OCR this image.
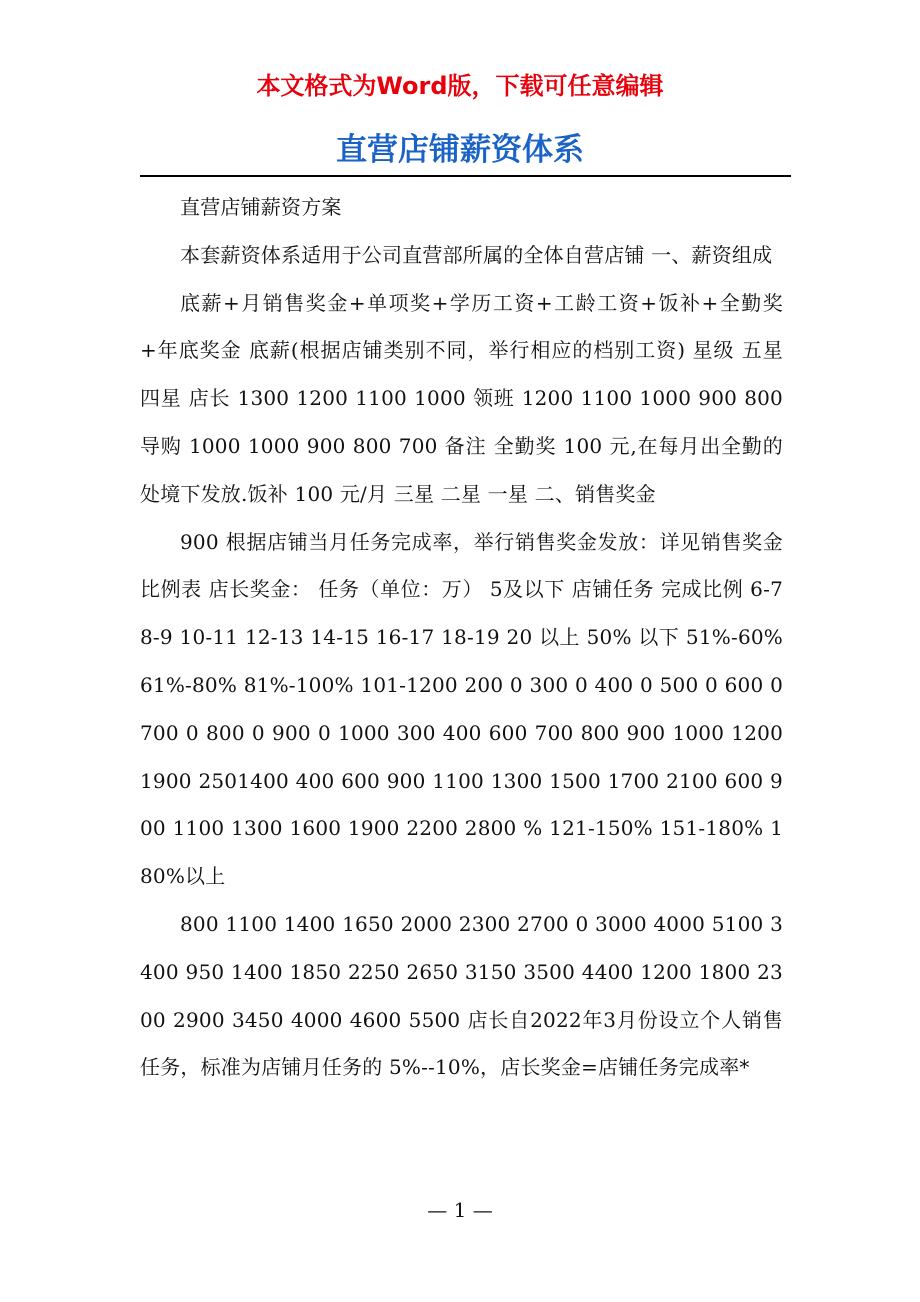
本文格式为Word版，下载可任意编辑
直营店铺薪资体系

直营店铺薪资方案

本套薪资体系适用于公司直营部所属的全体自营店铺 一、薪资组成

底薪+月销售奖金+单项奖+学历工资+工龄工资+饭补+全勤奖+年底奖金 底薪(根据店铺类别不同，举行相应的档别工资) 星级 五星 四星 店长 1300 1200 1100 1000 领班 1200 1100 1000 900 800 导购 1000 1000 900 800 700 备注 全勤奖 100 元,在每月出全勤的处境下发放.饭补 100 元/月 三星 二星 一星 二、销售奖金

900 根据店铺当月任务完成率，举行销售奖金发放：详见销售奖金比例表 店长奖金： 任务（单位：万） 5及以下 店铺任务 完成比例 6-7 8-9 10-11 12-13 14-15 16-17 18-19 20 以上 50% 以下 51%-60% 61%-80% 81%-100% 101-1200 200 0 300 0 400 0 500 0 600 0 700 0 800 0 900 0 1000 300 400 600 700 800 900 1000 1200 1900 2501400 400 600 900 1100 1300 1500 1700 2100 600 900 1100 1300 1600 1900 2200 2800 % 121-150% 151-180% 180%以上

800 1100 1400 1650 2000 2300 2700 0 3000 4000 5100 3400 950 1400 1850 2250 2650 3150 3500 4400 1200 1800 2300 2900 3450 4000 4600 5500 店长自2022年3月份设立个人销售任务，标准为店铺月任务的 5%--10%，店长奖金=店铺任务完成率*

— 1 —
